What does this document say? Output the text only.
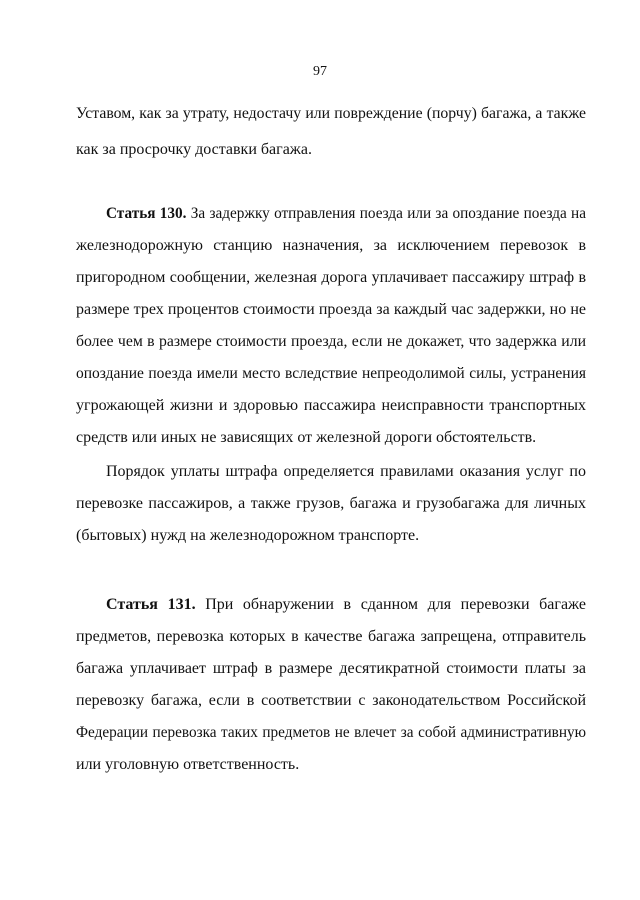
97
Уставом, как за утрату, недостачу или повреждение (порчу) багажа, а также
как за просрочку доставки багажа.
Статья 130. За задержку отправления поезда или за опоздание поезда на
железнодорожную станцию назначения, за исключением перевозок в
пригородном сообщении, железная дорога уплачивает пассажиру штраф в
размере трех процентов стоимости проезда за каждый час задержки, но не
более чем в размере стоимости проезда, если не докажет, что задержка или
опоздание поезда имели место вследствие непреодолимой силы, устранения
угрожающей жизни и здоровью пассажира неисправности транспортных
средств или иных не зависящих от железной дороги обстоятельств.
Порядок уплаты штрафа определяется правилами оказания услуг по
перевозке пассажиров, а также грузов, багажа и грузобагажа для личных
(бытовых) нужд на железнодорожном транспорте.
Статья 131. При обнаружении в сданном для перевозки багаже
предметов, перевозка которых в качестве багажа запрещена, отправитель
багажа уплачивает штраф в размере десятикратной стоимости платы за
перевозку багажа, если в соответствии с законодательством Российской
Федерации перевозка таких предметов не влечет за собой административную
или уголовную ответственность.
